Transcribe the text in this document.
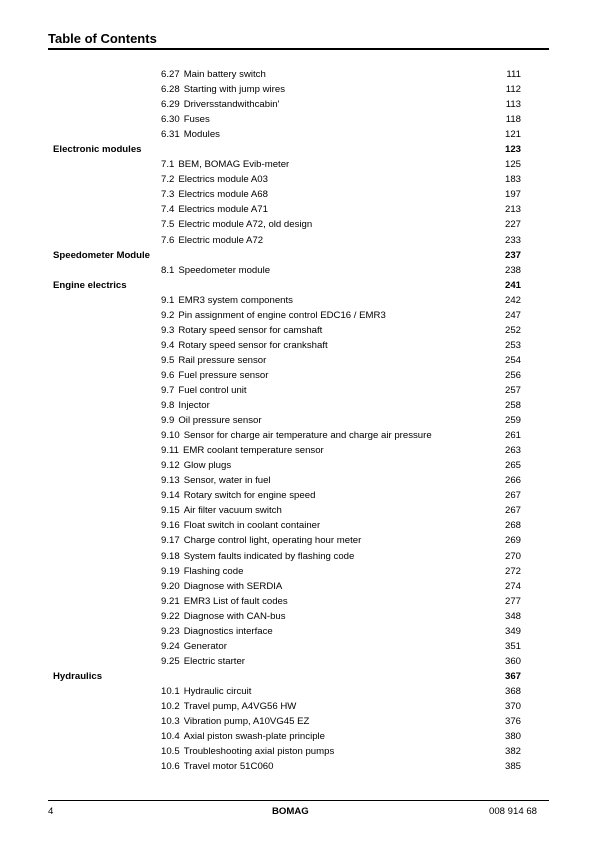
Table of Contents
6.27 Main battery switch	111
6.28 Starting with jump wires	112
6.29 Driversstandwithcabin'	113
6.30 Fuses	118
6.31 Modules	121
Electronic modules	123
7.1 BEM, BOMAG Evib-meter	125
7.2 Electrics module A03	183
7.3 Electrics module A68	197
7.4 Electrics module A71	213
7.5 Electric module A72, old design	227
7.6 Electric module A72	233
Speedometer Module	237
8.1 Speedometer module	238
Engine electrics	241
9.1 EMR3 system components	242
9.2 Pin assignment of engine control EDC16 / EMR3	247
9.3 Rotary speed sensor for camshaft	252
9.4 Rotary speed sensor for crankshaft	253
9.5 Rail pressure sensor	254
9.6 Fuel pressure sensor	256
9.7 Fuel control unit	257
9.8 Injector	258
9.9 Oil pressure sensor	259
9.10 Sensor for charge air temperature and charge air pressure	261
9.11 EMR coolant temperature sensor	263
9.12 Glow plugs	265
9.13 Sensor, water in fuel	266
9.14 Rotary switch for engine speed	267
9.15 Air filter vacuum switch	267
9.16 Float switch in coolant container	268
9.17 Charge control light, operating hour meter	269
9.18 System faults indicated by flashing code	270
9.19 Flashing code	272
9.20 Diagnose with SERDIA	274
9.21 EMR3 List of fault codes	277
9.22 Diagnose with CAN-bus	348
9.23 Diagnostics interface	349
9.24 Generator	351
9.25 Electric starter	360
Hydraulics	367
10.1 Hydraulic circuit	368
10.2 Travel pump, A4VG56 HW	370
10.3 Vibration pump, A10VG45 EZ	376
10.4 Axial piston swash-plate principle	380
10.5 Troubleshooting axial piston pumps	382
10.6 Travel motor 51C060	385
4	BOMAG	008 914 68
